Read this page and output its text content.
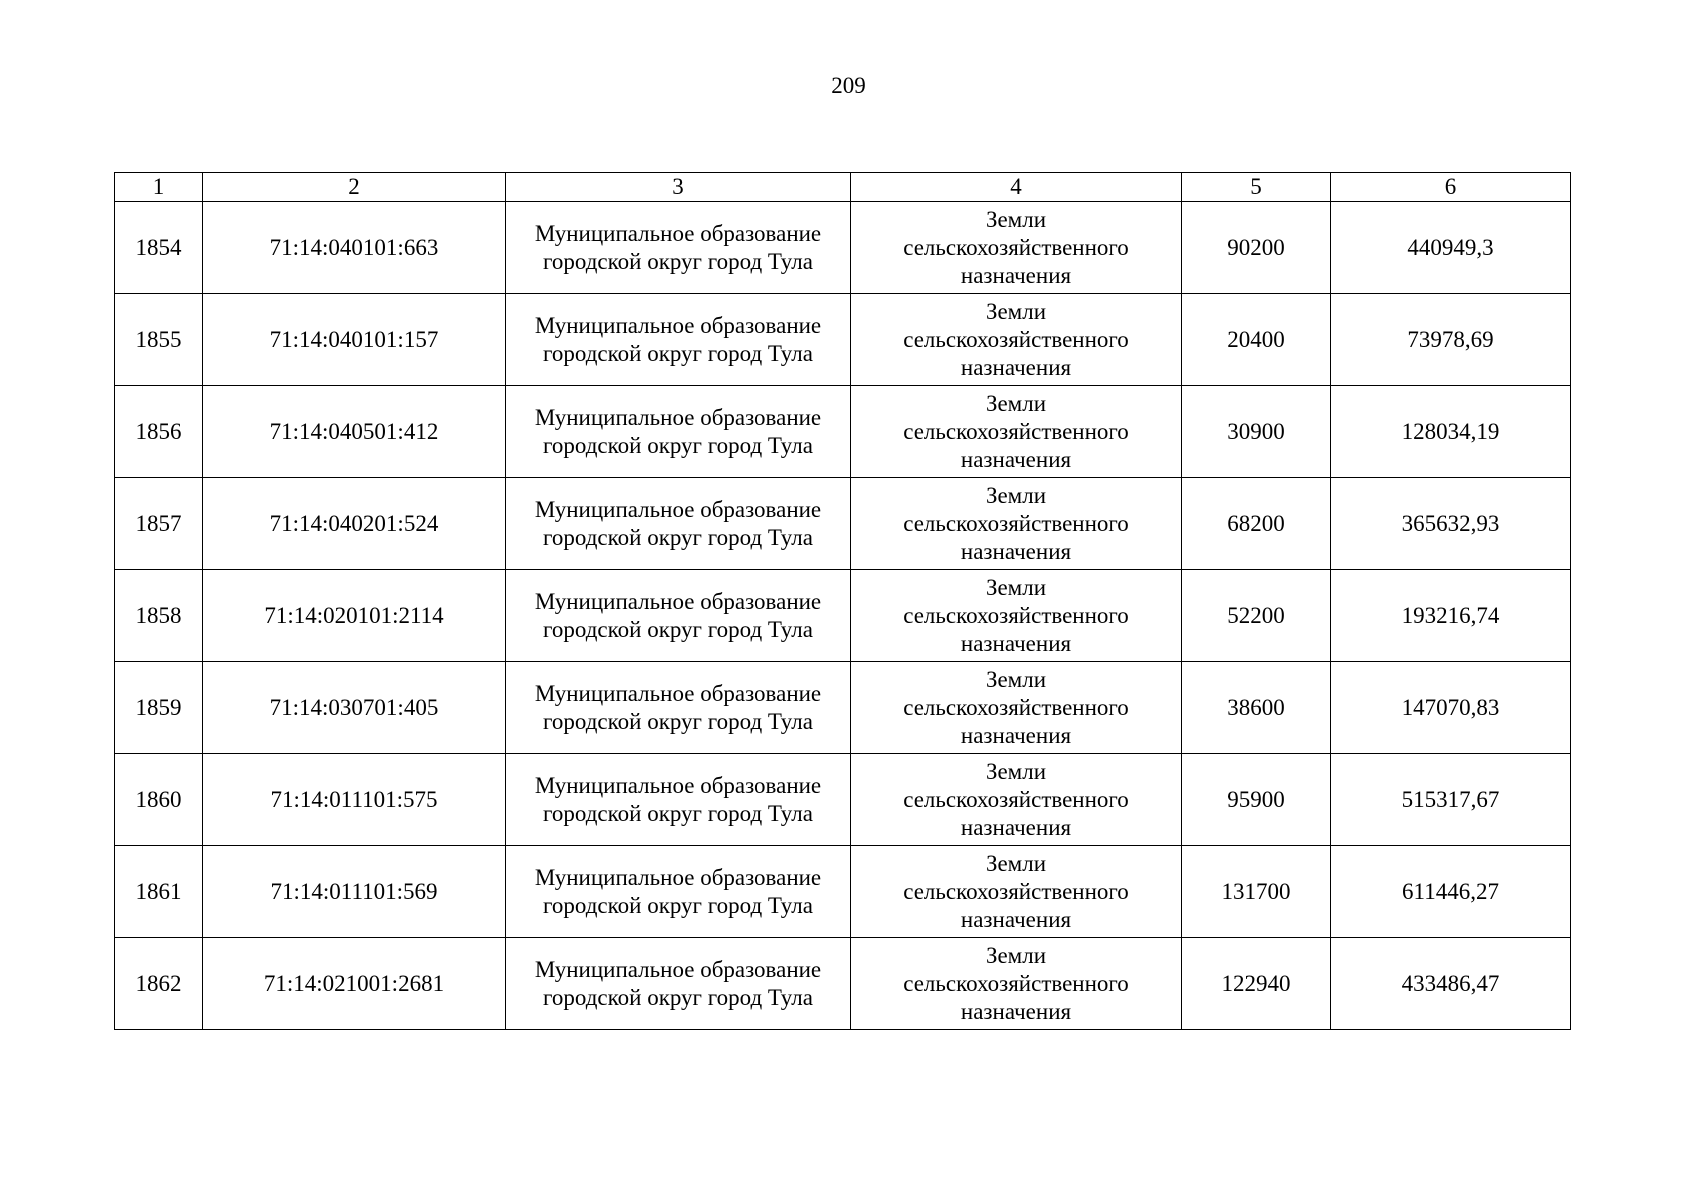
209
1	2	3	4	5	6
1854	71:14:040101:663	Муниципальное образование
городской округ город Тула	Земли
сельскохозяйственного
назначения	90200	440949,3
1855	71:14:040101:157	Муниципальное образование
городской округ город Тула	Земли
сельскохозяйственного
назначения	20400	73978,69
1856	71:14:040501:412	Муниципальное образование
городской округ город Тула	Земли
сельскохозяйственного
назначения	30900	128034,19
1857	71:14:040201:524	Муниципальное образование
городской округ город Тула	Земли
сельскохозяйственного
назначения	68200	365632,93
1858	71:14:020101:2114	Муниципальное образование
городской округ город Тула	Земли
сельскохозяйственного
назначения	52200	193216,74
1859	71:14:030701:405	Муниципальное образование
городской округ город Тула	Земли
сельскохозяйственного
назначения	38600	147070,83
1860	71:14:011101:575	Муниципальное образование
городской округ город Тула	Земли
сельскохозяйственного
назначения	95900	515317,67
1861	71:14:011101:569	Муниципальное образование
городской округ город Тула	Земли
сельскохозяйственного
назначения	131700	611446,27
1862	71:14:021001:2681	Муниципальное образование
городской округ город Тула	Земли
сельскохозяйственного
назначения	122940	433486,47
